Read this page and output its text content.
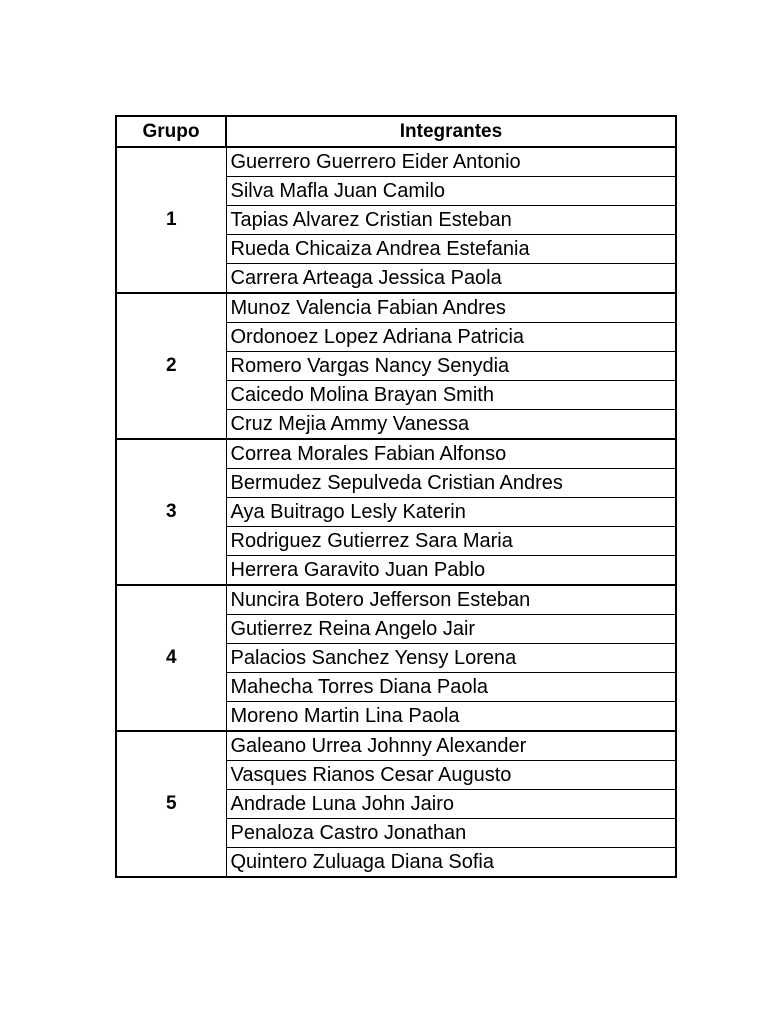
Grupo	Integrantes
1	Guerrero Guerrero Eider Antonio
	Silva Mafla Juan Camilo
	Tapias Alvarez Cristian Esteban
	Rueda Chicaiza Andrea Estefania
	Carrera Arteaga Jessica Paola
2	Munoz Valencia Fabian Andres
	Ordonoez Lopez Adriana Patricia
	Romero Vargas Nancy Senydia
	Caicedo Molina Brayan Smith
	Cruz Mejia Ammy Vanessa
3	Correa Morales Fabian Alfonso
	Bermudez Sepulveda Cristian Andres
	Aya Buitrago Lesly Katerin
	Rodriguez Gutierrez Sara Maria
	Herrera Garavito Juan Pablo
4	Nuncira Botero Jefferson Esteban
	Gutierrez Reina Angelo Jair
	Palacios Sanchez Yensy Lorena
	Mahecha Torres Diana Paola
	Moreno Martin Lina Paola
5	Galeano Urrea Johnny Alexander
	Vasques Rianos Cesar Augusto
	Andrade Luna John Jairo
	Penaloza Castro Jonathan
	Quintero Zuluaga Diana Sofia
